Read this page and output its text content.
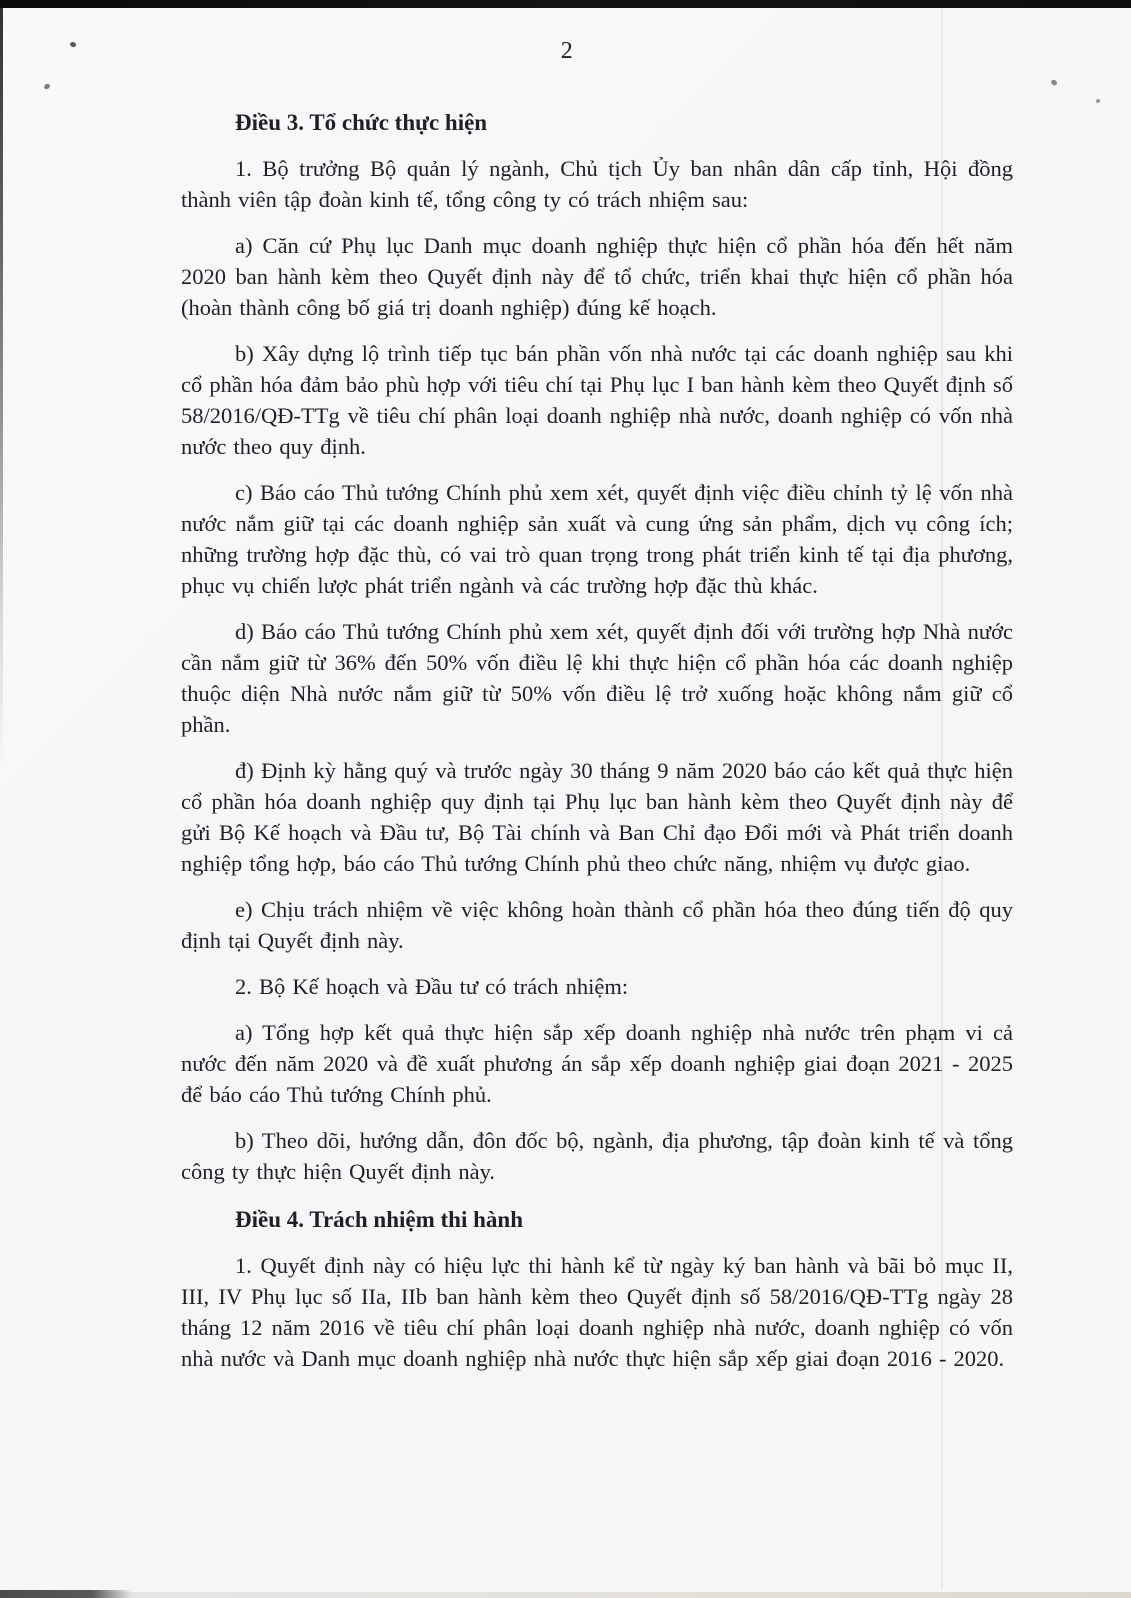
2
Điều 3. Tổ chức thực hiện

1. Bộ trưởng Bộ quản lý ngành, Chủ tịch Ủy ban nhân dân cấp tỉnh, Hội đồng thành viên tập đoàn kinh tế, tổng công ty có trách nhiệm sau:

a) Căn cứ Phụ lục Danh mục doanh nghiệp thực hiện cổ phần hóa đến hết năm 2020 ban hành kèm theo Quyết định này để tổ chức, triển khai thực hiện cổ phần hóa (hoàn thành công bố giá trị doanh nghiệp) đúng kế hoạch.

b) Xây dựng lộ trình tiếp tục bán phần vốn nhà nước tại các doanh nghiệp sau khi cổ phần hóa đảm bảo phù hợp với tiêu chí tại Phụ lục I ban hành kèm theo Quyết định số 58/2016/QĐ-TTg về tiêu chí phân loại doanh nghiệp nhà nước, doanh nghiệp có vốn nhà nước theo quy định.

c) Báo cáo Thủ tướng Chính phủ xem xét, quyết định việc điều chỉnh tỷ lệ vốn nhà nước nắm giữ tại các doanh nghiệp sản xuất và cung ứng sản phẩm, dịch vụ công ích; những trường hợp đặc thù, có vai trò quan trọng trong phát triển kinh tế tại địa phương, phục vụ chiến lược phát triển ngành và các trường hợp đặc thù khác.

d) Báo cáo Thủ tướng Chính phủ xem xét, quyết định đối với trường hợp Nhà nước cần nắm giữ từ 36% đến 50% vốn điều lệ khi thực hiện cổ phần hóa các doanh nghiệp thuộc diện Nhà nước nắm giữ từ 50% vốn điều lệ trở xuống hoặc không nắm giữ cổ phần.

đ) Định kỳ hằng quý và trước ngày 30 tháng 9 năm 2020 báo cáo kết quả thực hiện cổ phần hóa doanh nghiệp quy định tại Phụ lục ban hành kèm theo Quyết định này để gửi Bộ Kế hoạch và Đầu tư, Bộ Tài chính và Ban Chỉ đạo Đổi mới và Phát triển doanh nghiệp tổng hợp, báo cáo Thủ tướng Chính phủ theo chức năng, nhiệm vụ được giao.

e) Chịu trách nhiệm về việc không hoàn thành cổ phần hóa theo đúng tiến độ quy định tại Quyết định này.

2. Bộ Kế hoạch và Đầu tư có trách nhiệm:

a) Tổng hợp kết quả thực hiện sắp xếp doanh nghiệp nhà nước trên phạm vi cả nước đến năm 2020 và đề xuất phương án sắp xếp doanh nghiệp giai đoạn 2021 - 2025 để báo cáo Thủ tướng Chính phủ.

b) Theo dõi, hướng dẫn, đôn đốc bộ, ngành, địa phương, tập đoàn kinh tế và tổng công ty thực hiện Quyết định này.

Điều 4. Trách nhiệm thi hành

1. Quyết định này có hiệu lực thi hành kể từ ngày ký ban hành và bãi bỏ mục II, III, IV Phụ lục số IIa, IIb ban hành kèm theo Quyết định số 58/2016/QĐ-TTg ngày 28 tháng 12 năm 2016 về tiêu chí phân loại doanh nghiệp nhà nước, doanh nghiệp có vốn nhà nước và Danh mục doanh nghiệp nhà nước thực hiện sắp xếp giai đoạn 2016 - 2020.
